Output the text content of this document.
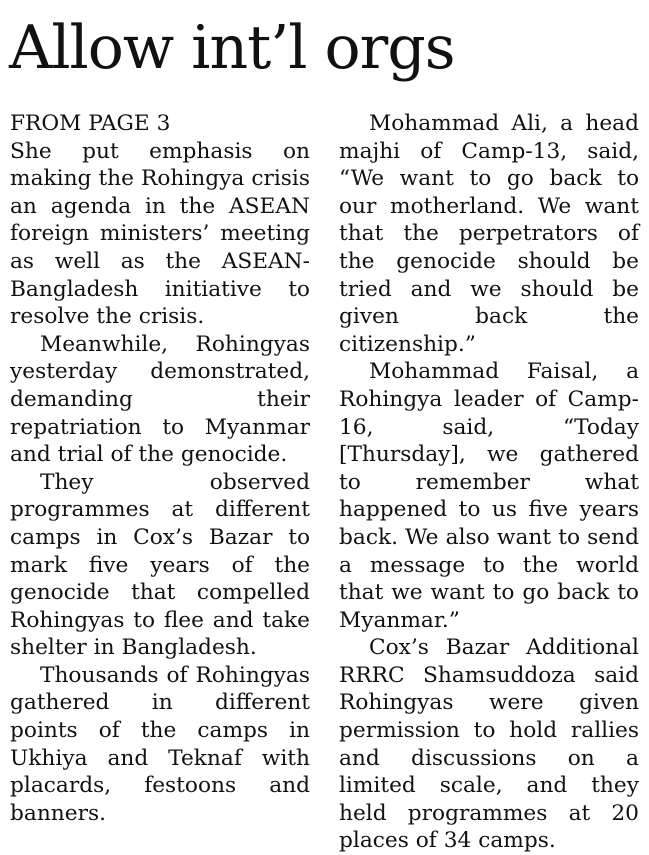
Allow int’l orgs
FROM PAGE 3

She put emphasis on making the Rohingya crisis an agenda in the ASEAN foreign ministers’ meeting as well as the ASEAN-Bangladesh initiative to resolve the crisis.

Meanwhile, Rohingyas yesterday demonstrated, demanding their repatriation to Myanmar and trial of the genocide.

They observed programmes at different camps in Cox’s Bazar to mark five years of the genocide that compelled Rohingyas to flee and take shelter in Bangladesh.

Thousands of Rohingyas gathered in different points of the camps in Ukhiya and Teknaf with placards, festoons and banners.

Mohammad Ali, a head majhi of Camp-13, said, “We want to go back to our motherland. We want that the perpetrators of the genocide should be tried and we should be given back the citizenship.”

Mohammad Faisal, a Rohingya leader of Camp-16, said, “Today [Thursday], we gathered to remember what happened to us five years back. We also want to send a message to the world that we want to go back to Myanmar.”

Cox’s Bazar Additional RRRC Shamsuddoza said Rohingyas were given permission to hold rallies and discussions on a limited scale, and they held programmes at 20 places of 34 camps.
